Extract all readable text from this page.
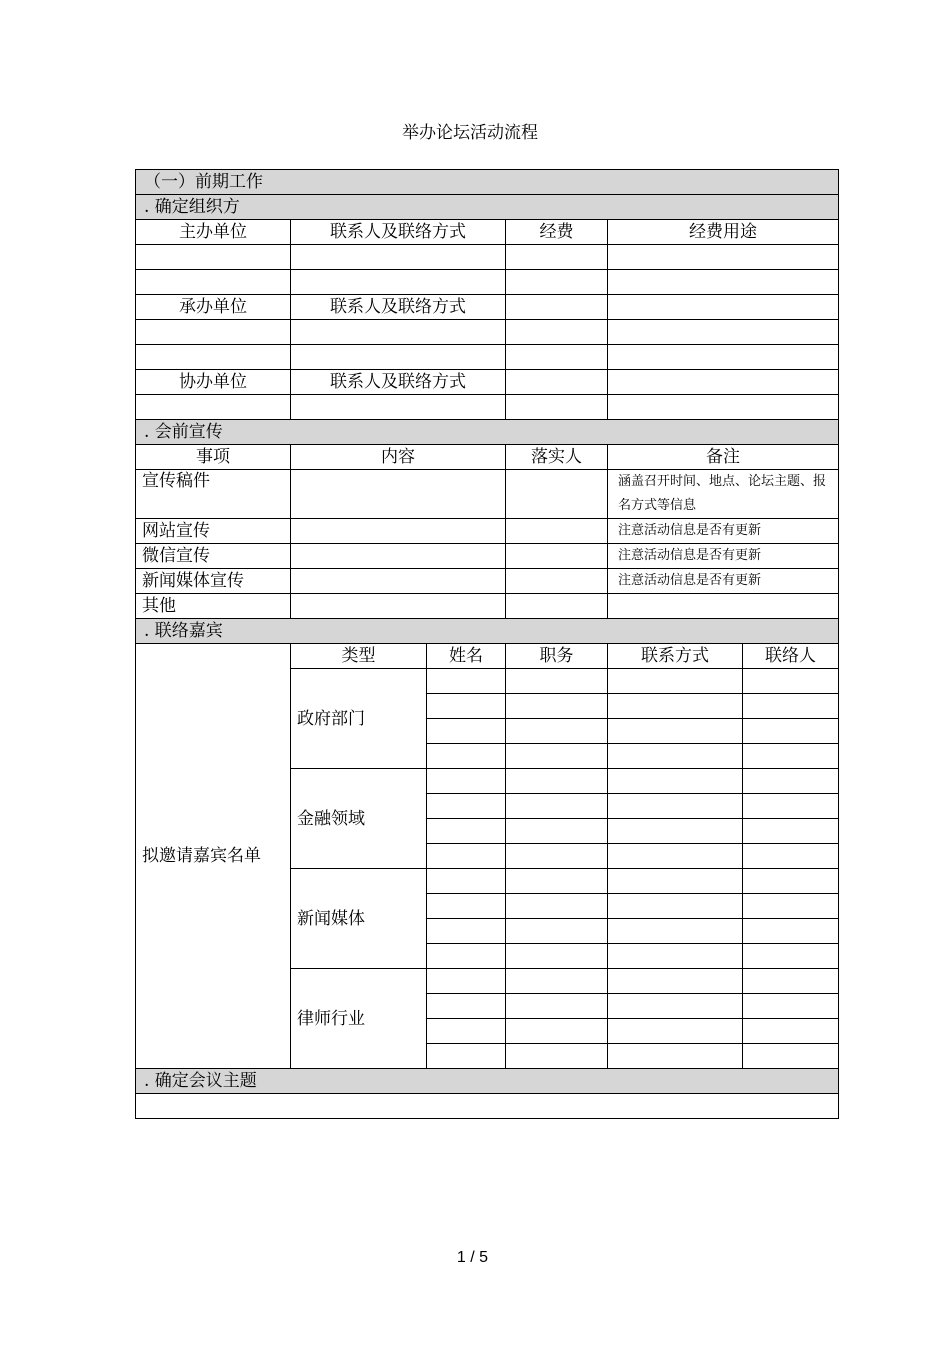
举办论坛活动流程
（一）前期工作					
. 确定组织方					
主办单位	联系人及联络方式		经费	经费用途	

承办单位	联系人及联络方式				

协办单位	联系人及联络方式				

. 会前宣传					
事项	内容		落实人	备注	
宣传稿件				涵盖召开时间、地点、论坛主题、报名方式等信息	
网站宣传				注意活动信息是否有更新	
微信宣传				注意活动信息是否有更新	
新闻媒体宣传				注意活动信息是否有更新	
其他					
. 联络嘉宾					
拟邀请嘉宾名单	类型	姓名	职务	联系方式	联络人
	政府部门				

	金融领域				

	新闻媒体				

	律师行业				

. 确定会议主题					

1 / 5
